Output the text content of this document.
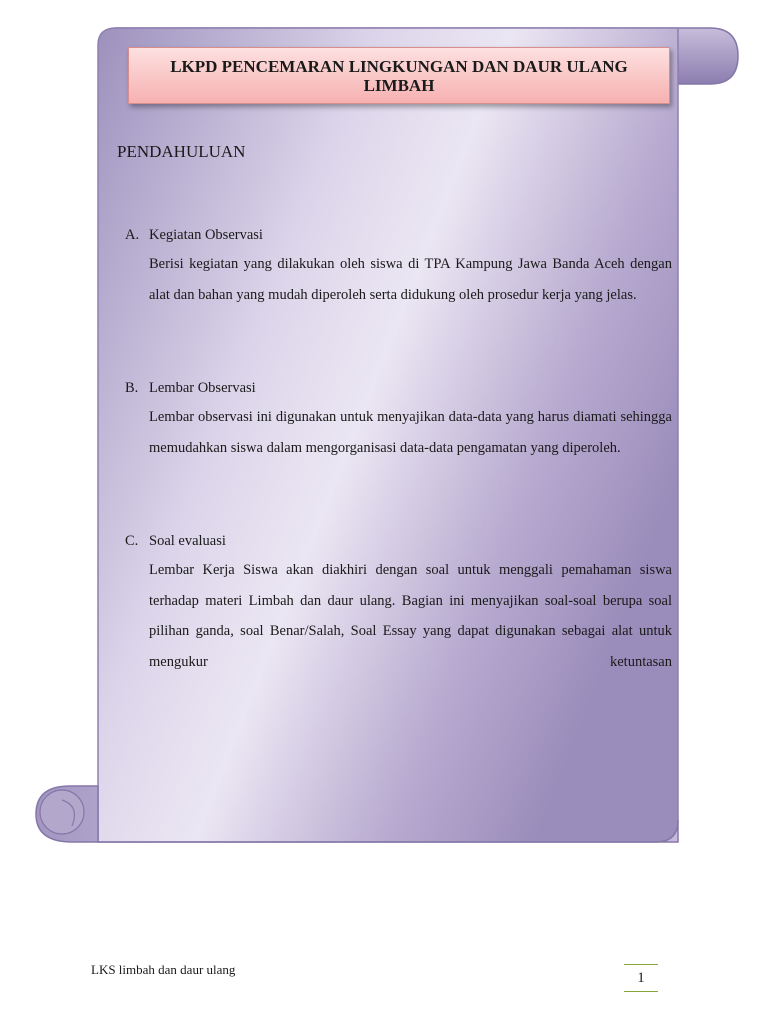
LKPD PENCEMARAN LINGKUNGAN DAN DAUR ULANG LIMBAH
PENDAHULUAN
A. Kegiatan Observasi
Berisi kegiatan yang dilakukan oleh siswa di TPA Kampung Jawa Banda Aceh dengan alat dan bahan yang mudah diperoleh serta didukung oleh prosedur kerja yang jelas.
B. Lembar Observasi
Lembar observasi ini digunakan untuk menyajikan data-data yang harus diamati sehingga memudahkan siswa dalam mengorganisasi data-data pengamatan yang diperoleh.
C. Soal evaluasi
Lembar Kerja Siswa akan diakhiri dengan soal untuk menggali pemahaman siswa terhadap materi Limbah dan daur ulang. Bagian ini menyajikan soal-soal berupa soal pilihan ganda, soal Benar/Salah, Soal Essay yang dapat digunakan sebagai alat untuk mengukur ketuntasan
LKS limbah dan daur ulang	1
